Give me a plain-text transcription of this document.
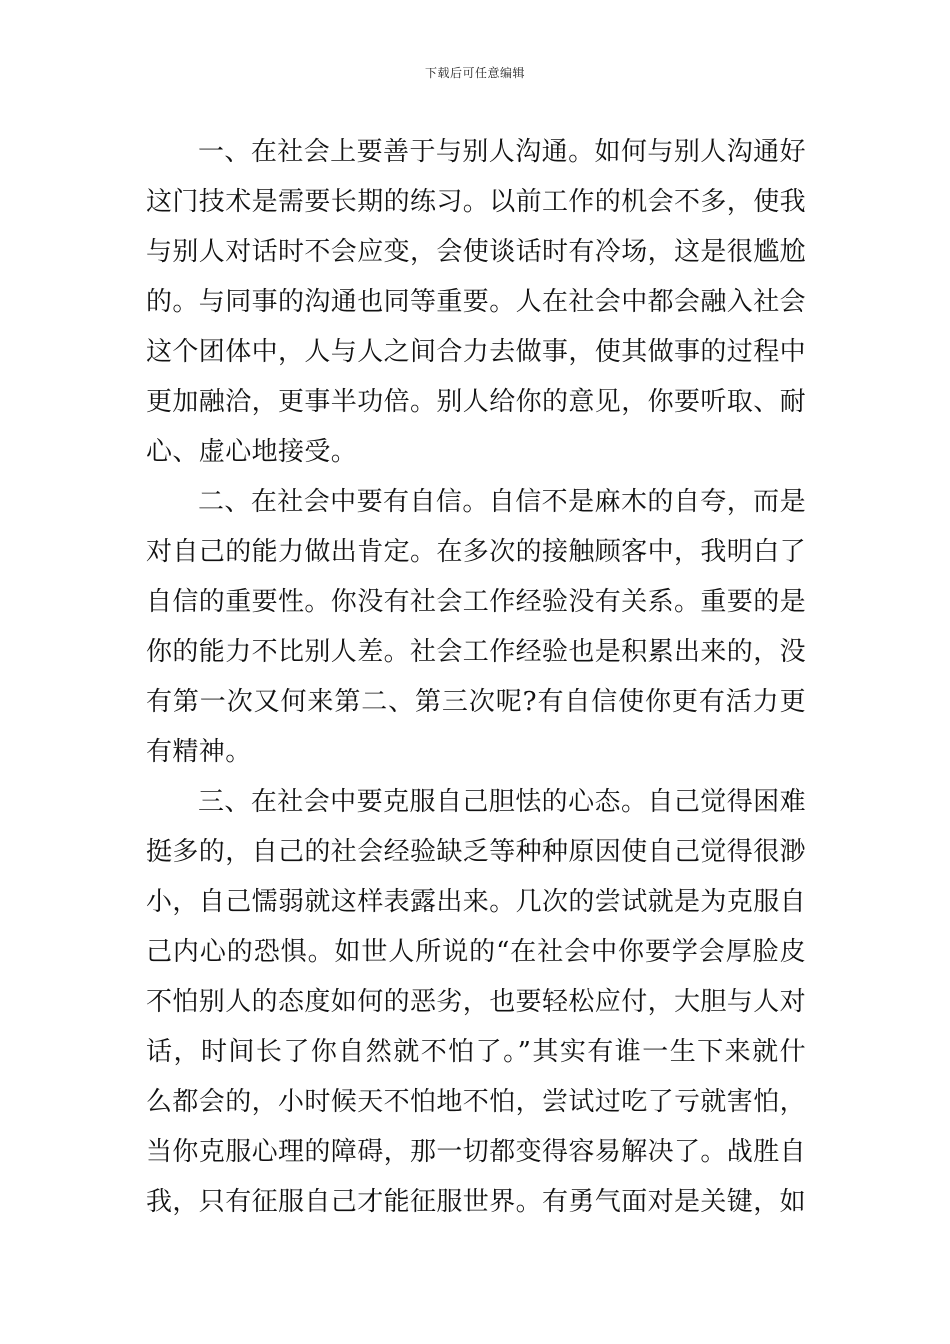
下载后可任意编辑

一、在社会上要善于与别人沟通。如何与别人沟通好这门技术是需要长期的练习。以前工作的机会不多，使我与别人对话时不会应变，会使谈话时有冷场，这是很尴尬的。与同事的沟通也同等重要。人在社会中都会融入社会这个团体中，人与人之间合力去做事，使其做事的过程中更加融洽，更事半功倍。别人给你的意见，你要听取、耐心、虚心地接受。

二、在社会中要有自信。自信不是麻木的自夸，而是对自己的能力做出肯定。在多次的接触顾客中，我明白了自信的重要性。你没有社会工作经验没有关系。重要的是你的能力不比别人差。社会工作经验也是积累出来的，没有第一次又何来第二、第三次呢?有自信使你更有活力更有精神。

三、在社会中要克服自己胆怯的心态。自己觉得困难挺多的，自己的社会经验缺乏等种种原因使自己觉得很渺小，自己懦弱就这样表露出来。几次的尝试就是为克服自己内心的恐惧。如世人所说的“在社会中你要学会厚脸皮不怕别人的态度如何的恶劣，也要轻松应付，大胆与人对话，时间长了你自然就不怕了。”其实有谁一生下来就什么都会的，小时候天不怕地不怕，尝试过吃了亏就害怕，当你克服心理的障碍，那一切都变得容易解决了。战胜自我，只有征服自己才能征服世界。有勇气面对是关键，如
